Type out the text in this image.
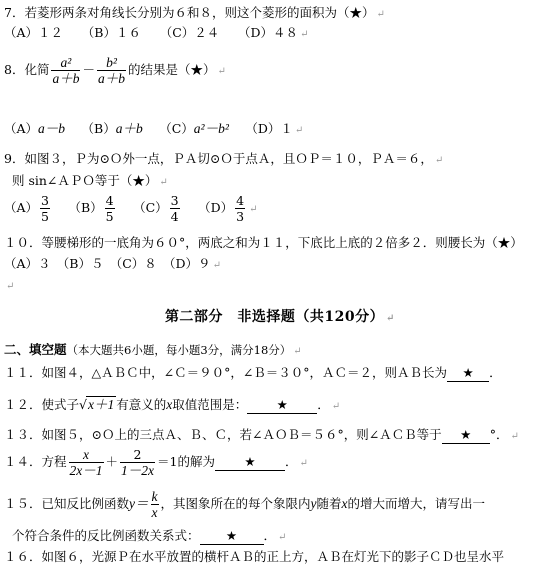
7．若菱形两条对角线长分别为６和８，则这个菱形的面积为（★） ↵
（A）１２　　（B）１６　　（C）２４　　（D）４８ ↵
8．化简 $\frac{\text{a²}}{a+b} - \frac{\text{b²}}{a+b}$ 的结果是（★） ↵
（A）a－b　 （B）a＋b　 （C）a²－b²　 （D）１ ↵
9．如图３，Ｐ为⊙Ｏ外一点，ＰＡ切⊙Ｏ于点Ａ，且ＯＰ＝１０，ＰＡ＝６， ↵
则 sin∠ＡＰＯ等于（★） ↵
$(A) \frac{3}{5}$
　 $(B) \frac{4}{5}$
　 $(C) \frac{3}{4}$
　 $(D) \frac{4}{3}$ ↵
１０．等腰梯形的一底角为６０°，两底之和为１１，下底比上底的２倍多２．则腰长为（★）
（A）３　（B）５　（C）８　（D）９ ↵
↵
第二部分　非选择题（共120分） ↵
二、填空题（本大题共6小题，每小题3分，满分18分） ↵
１１．如图４，△ＡＢＣ中，∠Ｃ＝９０°，∠Ｂ＝３０°，ＡＣ＝２，则ＡＢ长为 ★ ．
１２．使式子√x＋1 有意义的x取值范围是： ★ ． ↵
１３．如图５，⊙Ｏ上的三点Ａ、Ｂ、Ｃ，若∠ＡＯＢ＝５６°，则∠ＡＣＢ等于 ★ °． ↵
１４．方程 $\frac{x}{2x-1} + \frac{2}{1-2x} =1$的解为 ★ ． ↵
１５．已知反比例函数$y= \frac{k}{x}$ ，其图象所在的每个象限内y随着x的增大而增大，请写出一
个符合条件的反比例函数关系式： ★ ． ↵
１６．如图６，光源Ｐ在水平放置的横杆ＡＢ的正上方，ＡＢ在灯光下的影子ＣＤ也呈水平
